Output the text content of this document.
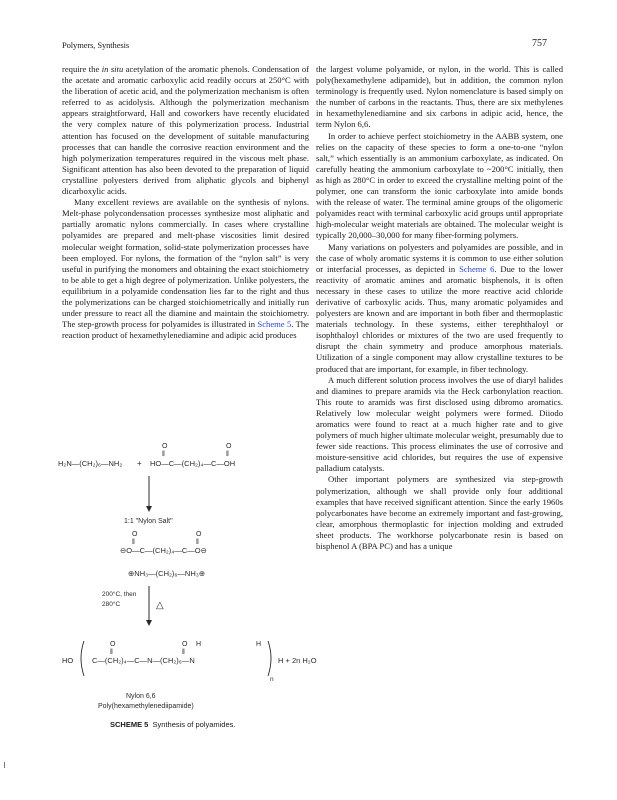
Polymers, Synthesis	757

require the in situ acetylation of the aromatic phenols. Condensation of the acetate and aromatic carboxylic acid readily occurs at 250°C with the liberation of acetic acid, and the polymerization mechanism is often referred to as acidolysis. Although the polymerization mechanism appears straightforward, Hall and coworkers have recently elucidated the very complex nature of this polymerization process. Industrial attention has focused on the development of suitable manufacturing processes that can handle the corrosive reaction environment and the high polymerization temperatures required in the viscous melt phase. Significant attention has also been devoted to the preparation of liquid crystalline polyesters derived from aliphatic glycols and biphenyl dicarboxylic acids.

Many excellent reviews are available on the synthesis of nylons. Melt-phase polycondensation processes synthesize most aliphatic and partially aromatic nylons commercially. In cases where crystalline polyamides are prepared and melt-phase viscosities limit desired molecular weight formation, solid-state polymerization processes have been employed. For nylons, the formation of the “nylon salt” is very useful in purifying the monomers and obtaining the exact stoichiometry to be able to get a high degree of polymerization. Unlike polyesters, the equilibrium in a polyamide condensation lies far to the right and thus the polymerizations can be charged stoichiometrically and initially run under pressure to react all the diamine and maintain the stoichiometry. The step-growth process for polyamides is illustrated in Scheme 5. The reaction product of hexamethylenediamine and adipic acid produces

the largest volume polyamide, or nylon, in the world. This is called poly(hexamethylene adipamide), but in addition, the common nylon terminology is frequently used. Nylon nomenclature is based simply on the number of carbons in the reactants. Thus, there are six methylenes in hexamethylenediamine and six carbons in adipic acid, hence, the term Nylon 6,6.

In order to achieve perfect stoichiometry in the AABB system, one relies on the capacity of these species to form a one-to-one “nylon salt,” which essentially is an ammonium carboxylate, as indicated. On carefully heating the ammonium carboxylate to ~200°C initially, then as high as 280°C in order to exceed the crystalline melting point of the polymer, one can transform the ionic carboxylate into amide bonds with the release of water. The terminal amine groups of the oligomeric polyamides react with terminal carboxylic acid groups until appropriate high-molecular weight materials are obtained. The molecular weight is typically 20,000–30,000 for many fiber-forming polymers.

Many variations on polyesters and polyamides are possible, and in the case of wholy aromatic systems it is common to use either solution or interfacial processes, as depicted in Scheme 6. Due to the lower reactivity of aromatic amines and aromatic bisphenols, it is often necessary in these cases to utilize the more reactive acid chloride derivative of carboxylic acids. Thus, many aromatic polyamides and polyesters are known and are important in both fiber and thermoplastic materials technology. In these systems, either terephthaloyl or isophthaloyl chlorides or mixtures of the two are used frequently to disrupt the chain symmetry and produce amorphous materials. Utilization of a single component may allow crystalline textures to be produced that are important, for example, in fiber technology.

A much different solution process involves the use of diaryl halides and diamines to prepare aramids via the Heck carbonylation reaction. This route to aramids was first disclosed using dibromo aromatics. Relatively low molecular weight polymers were formed. Diiodo aromatics were found to react at a much higher rate and to give polymers of much higher ultimate molecular weight, presumably due to fewer side reactions. This process eliminates the use of corrosive and moisture-sensitive acid chlorides, but requires the use of expensive palladium catalysts.

Other important polymers are synthesized via step-growth polymerization, although we shall provide only four additional examples that have received significant attention. Since the early 1960s polycarbonates have become an extremely important and fast-growing, clear, amorphous thermoplastic for injection molding and extruded sheet products. The workhorse polycarbonate resin is based on bisphenol A (BPA PC) and has a unique

O	O
‖	‖
H₂N—(CH₂)₆—NH₂ + HO—C—(CH₂)₄—C—OH
1:1 "Nylon Salt"
O	O
‖	‖
⊖O—C—(CH₂)₄—C—O⊖
⊕NH₃—(CH₂)₆—NH₃⊕
200°C, then
280°C	△
O	O H	H
‖	‖
HO	C—(CH₂)₄—C—N—(CH₂)₆—N
n
H + 2n H₂O
Nylon 6,6
Poly(hexamethylenediipamide)
SCHEME 5 Synthesis of polyamides.
